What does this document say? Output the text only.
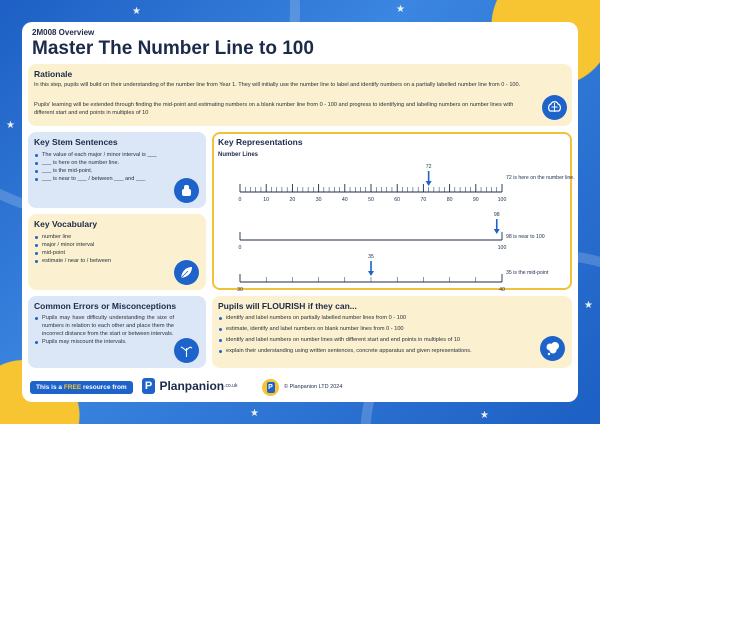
★	★
★
★
★	★
2M008 Overview
Master The Number Line to 100
Rationale
In this step, pupils will build on their understanding of the number line from Year 1. They will initially use the number line to label and identify numbers on a partially labelled number line from 0 - 100.
Pupils' learning will be extended through finding the mid-point and estimating numbers on a blank number line from 0 - 100 and progress to identifying and labelling numbers on number lines with different start and end points in multiples of 10
Key Stem Sentences
The value of each major / minor interval is ___
___ is here on the number line.
___ is the mid-point.
___ is near to ___ / between ___ and ___
Key Vocabulary
number line
major / minor interval
mid-point
estimate / near to / between
Common Errors or Misconceptions
Pupils may have difficulty understanding the size of numbers in relation to each other and place them the incorrect distance from the start or between intervals.
Pupils may miscount the intervals.
Key Representations
Number Lines
0	10	20	30	40	50	60	70	80	90	100
72
0	100
98
30	40
35
72 is here on the number line.
98 is near to 100
35 is the mid-point
Pupils will FLOURISH if they can...
identify and label numbers on partially labelled number lines from 0 - 100
estimate, identify and label numbers on blank number lines from 0 - 100
identify and label numbers on number lines with different start and end points in multiples of 10
explain their understanding using written sentences, concrete apparatus and given representations.
This is a FREE resource from	P Planpanion.co.uk	P	© Planpanion LTD 2024
